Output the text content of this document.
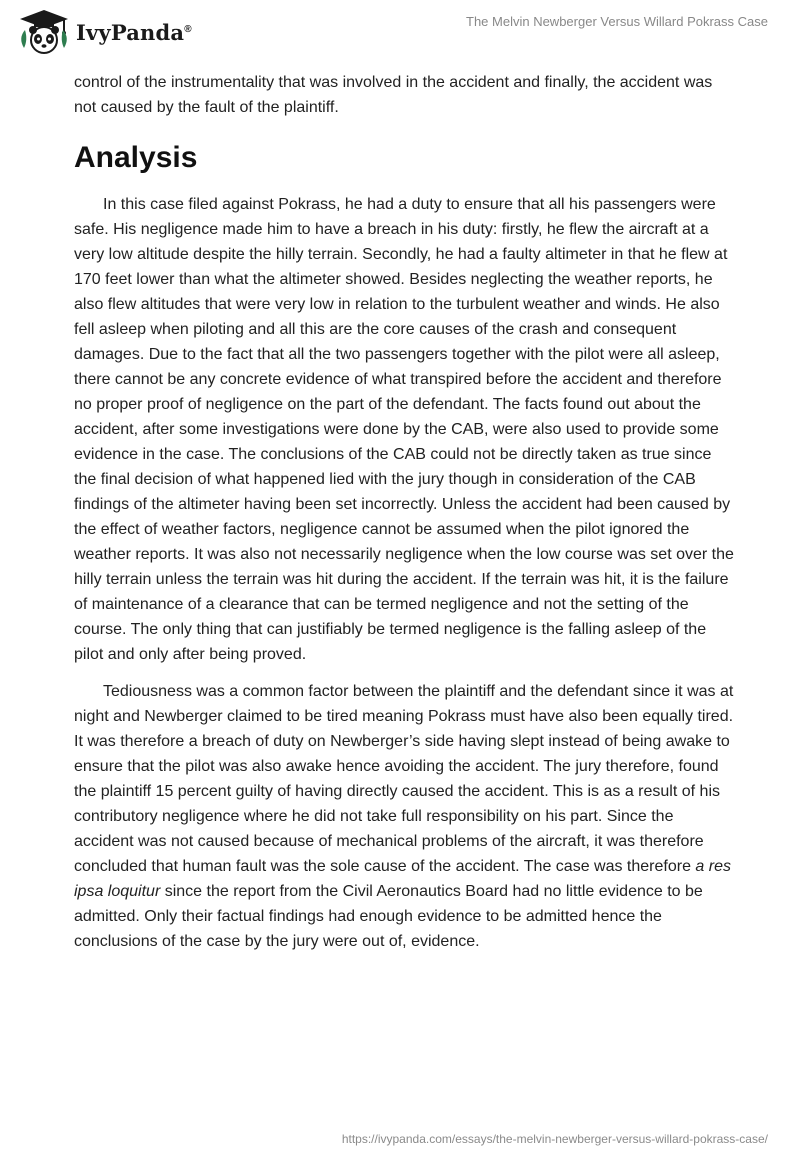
IvyPanda®	The Melvin Newberger Versus Willard Pokrass Case

control of the instrumentality that was involved in the accident and finally, the accident was not caused by the fault of the plaintiff.

Analysis

In this case filed against Pokrass, he had a duty to ensure that all his passengers were safe. His negligence made him to have a breach in his duty: firstly, he flew the aircraft at a very low altitude despite the hilly terrain. Secondly, he had a faulty altimeter in that he flew at 170 feet lower than what the altimeter showed. Besides neglecting the weather reports, he also flew altitudes that were very low in relation to the turbulent weather and winds. He also fell asleep when piloting and all this are the core causes of the crash and consequent damages. Due to the fact that all the two passengers together with the pilot were all asleep, there cannot be any concrete evidence of what transpired before the accident and therefore no proper proof of negligence on the part of the defendant. The facts found out about the accident, after some investigations were done by the CAB, were also used to provide some evidence in the case. The conclusions of the CAB could not be directly taken as true since the final decision of what happened lied with the jury though in consideration of the CAB findings of the altimeter having been set incorrectly. Unless the accident had been caused by the effect of weather factors, negligence cannot be assumed when the pilot ignored the weather reports. It was also not necessarily negligence when the low course was set over the hilly terrain unless the terrain was hit during the accident. If the terrain was hit, it is the failure of maintenance of a clearance that can be termed negligence and not the setting of the course. The only thing that can justifiably be termed negligence is the falling asleep of the pilot and only after being proved.

Tediousness was a common factor between the plaintiff and the defendant since it was at night and Newberger claimed to be tired meaning Pokrass must have also been equally tired. It was therefore a breach of duty on Newberger’s side having slept instead of being awake to ensure that the pilot was also awake hence avoiding the accident. The jury therefore, found the plaintiff 15 percent guilty of having directly caused the accident. This is as a result of his contributory negligence where he did not take full responsibility on his part. Since the accident was not caused because of mechanical problems of the aircraft, it was therefore concluded that human fault was the sole cause of the accident. The case was therefore a res ipsa loquitur since the report from the Civil Aeronautics Board had no little evidence to be admitted. Only their factual findings had enough evidence to be admitted hence the conclusions of the case by the jury were out of, evidence.

https://ivypanda.com/essays/the-melvin-newberger-versus-willard-pokrass-case/
